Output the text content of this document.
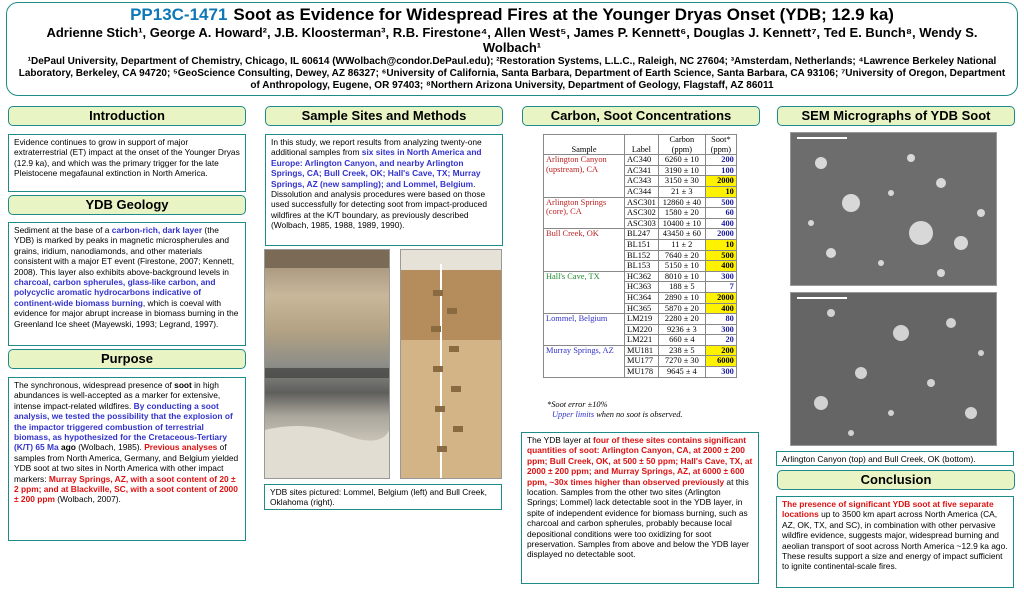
PP13C-1471 Soot as Evidence for Widespread Fires at the Younger Dryas Onset (YDB; 12.9 ka)
Adrienne Stich¹, George A. Howard², J.B. Kloosterman³, R.B. Firestone⁴, Allen West⁵, James P. Kennett⁶, Douglas J. Kennett⁷, Ted E. Bunch⁸, Wendy S. Wolbach¹
¹DePaul University, Department of Chemistry, Chicago, IL 60614 (WWolbach@condor.DePaul.edu); ²Restoration Systems, L.L.C., Raleigh, NC 27604; ³Amsterdam, Netherlands; ⁴Lawrence Berkeley National Laboratory, Berkeley, CA 94720; ⁵GeoScience Consulting, Dewey, AZ 86327; ⁶University of California, Santa Barbara, Department of Earth Science, Santa Barbara, CA 93106; ⁷University of Oregon, Department of Anthropology, Eugene, OR 97403; ⁸Northern Arizona University, Department of Geology, Flagstaff, AZ 86011
Introduction
Evidence continues to grow in support of major extraterrestrial (ET) impact at the onset of the Younger Dryas (12.9 ka), and which was the primary trigger for the late Pleistocene megafaunal extinction in North America.
YDB Geology
Sediment at the base of a carbon-rich, dark layer (the YDB) is marked by peaks in magnetic microspherules and grains, iridium, nanodiamonds, and other materials consistent with a major ET event (Firestone, 2007; Kennett, 2008). This layer also exhibits above-background levels in charcoal, carbon spherules, glass-like carbon, and polycyclic aromatic hydrocarbons indicative of continent-wide biomass burning, which is coeval with evidence for major abrupt increase in biomass burning in the Greenland Ice sheet (Mayewski, 1993; Legrand, 1997).
Purpose
The synchronous, widespread presence of soot in high abundances is well-accepted as a marker for extensive, intense impact-related wildfires. By conducting a soot analysis, we tested the possibility that the explosion of the impactor triggered combustion of terrestrial biomass, as hypothesized for the Cretaceous-Tertiary (K/T) 65 Ma ago (Wolbach, 1985). Previous analyses of samples from North America, Germany, and Belgium yielded YDB soot at two sites in North America with other impact markers: Murray Springs, AZ, with a soot content of 20 ± 2 ppm; and at Blackville, SC, with a soot content of 2000 ± 200 ppm (Wolbach, 2007).
Sample Sites and Methods
In this study, we report results from analyzing twenty-one additional samples from six sites in North America and Europe: Arlington Canyon, and nearby Arlington Springs, CA; Bull Creek, OK; Hall's Cave, TX; Murray Springs, AZ (new sampling); and Lommel, Belgium. Dissolution and analysis procedures were based on those used successfully for detecting soot from impact-produced wildfires at the K/T boundary, as previously described (Wolbach, 1985, 1988, 1989, 1990).
YDB sites pictured: Lommel, Belgium (left) and Bull Creek, Oklahoma (right).
Carbon, Soot Concentrations
Sample	Label	Carbon (ppm)	Soot* (ppm)
Arlington Canyon (upstream), CA	AC340	6260 ± 10	200
	AC341	3190 ± 10	100
	AC343	3150 ± 30	2000
	AC344	21 ± 3	10
Arlington Springs (core), CA	ASC301	12860 ± 40	500
	ASC302	1580 ± 20	60
	ASC303	10400 ± 10	400
Bull Creek, OK	BL247	43450 ± 60	2000
	BL151	11 ± 2	10
	BL152	7640 ± 20	500
	BL153	5150 ± 10	400
Hall's Cave, TX	HC362	8010 ± 10	300
	HC363	188 ± 5	7
	HC364	2890 ± 10	2000
	HC365	5870 ± 20	400
Lommel, Belgium	LM219	2280 ± 20	80
	LM220	9236 ± 3	300
	LM221	660 ± 4	20
Murray Springs, AZ	MU181	238 ± 5	200
	MU177	7270 ± 30	6000
	MU178	9645 ± 4	300
*Soot error ±10%
Upper limits when no soot is observed.
The YDB layer at four of these sites contains significant quantities of soot: Arlington Canyon, CA, at 2000 ± 200 ppm; Bull Creek, OK, at 500 ± 50 ppm; Hall's Cave, TX, at 2000 ± 200 ppm; and Murray Springs, AZ, at 6000 ± 600 ppm, ~30x times higher than observed previously at this location. Samples from the other two sites (Arlington Springs; Lommel) lack detectable soot in the YDB layer, in spite of independent evidence for biomass burning, such as charcoal and carbon spherules, probably because local depositional conditions were too oxidizing for soot preservation. Samples from above and below the YDB layer displayed no detectable soot.
SEM Micrographs of YDB Soot
Arlington Canyon (top) and Bull Creek, OK (bottom).
Conclusion
The presence of significant YDB soot at five separate locations up to 3500 km apart across North America (CA, AZ, OK, TX, and SC), in combination with other pervasive wildfire evidence, suggests major, widespread burning and aeolian transport of soot across North America ~12.9 ka ago. These results support a size and energy of impact sufficient to ignite continental-scale fires.
